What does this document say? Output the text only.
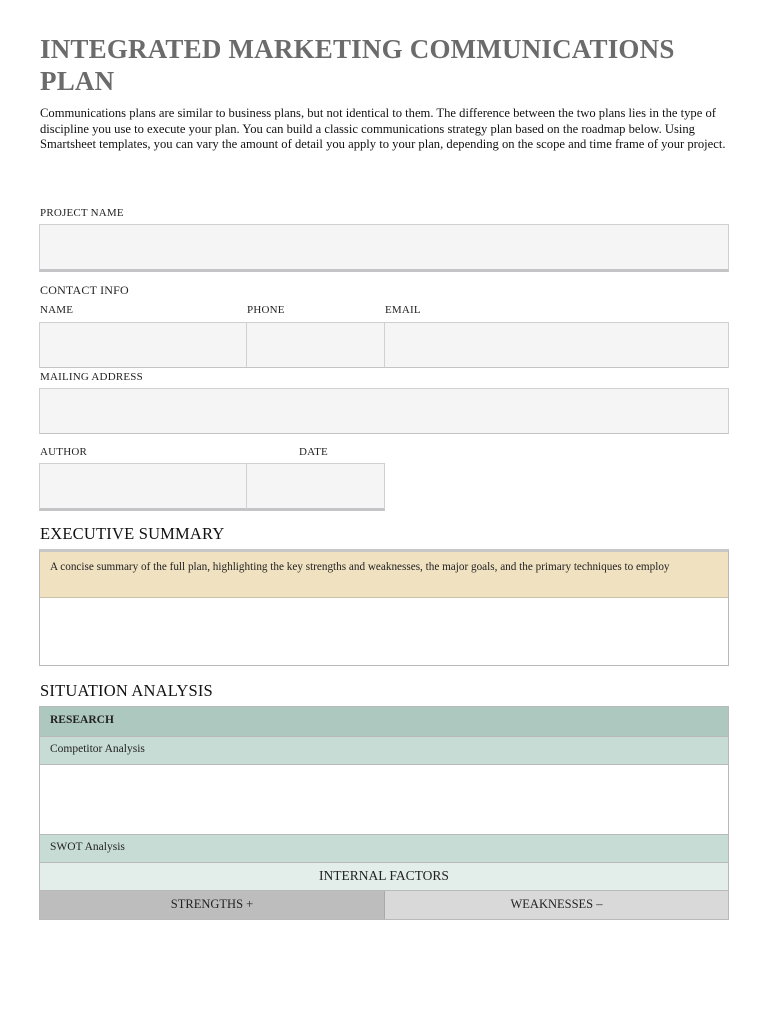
INTEGRATED MARKETING COMMUNICATIONS PLAN
Communications plans are similar to business plans, but not identical to them. The difference between the two plans lies in the type of discipline you use to execute your plan. You can build a classic communications strategy plan based on the roadmap below. Using Smartsheet templates, you can vary the amount of detail you apply to your plan, depending on the scope and time frame of your project.
PROJECT NAME
CONTACT INFO
NAME	PHONE	EMAIL
MAILING ADDRESS
AUTHOR	DATE
EXECUTIVE SUMMARY
A concise summary of the full plan, highlighting the key strengths and weaknesses, the major goals, and the primary techniques to employ
SITUATION ANALYSIS
RESEARCH
Competitor Analysis
SWOT Analysis
INTERNAL FACTORS
STRENGTHS +	WEAKNESSES –
